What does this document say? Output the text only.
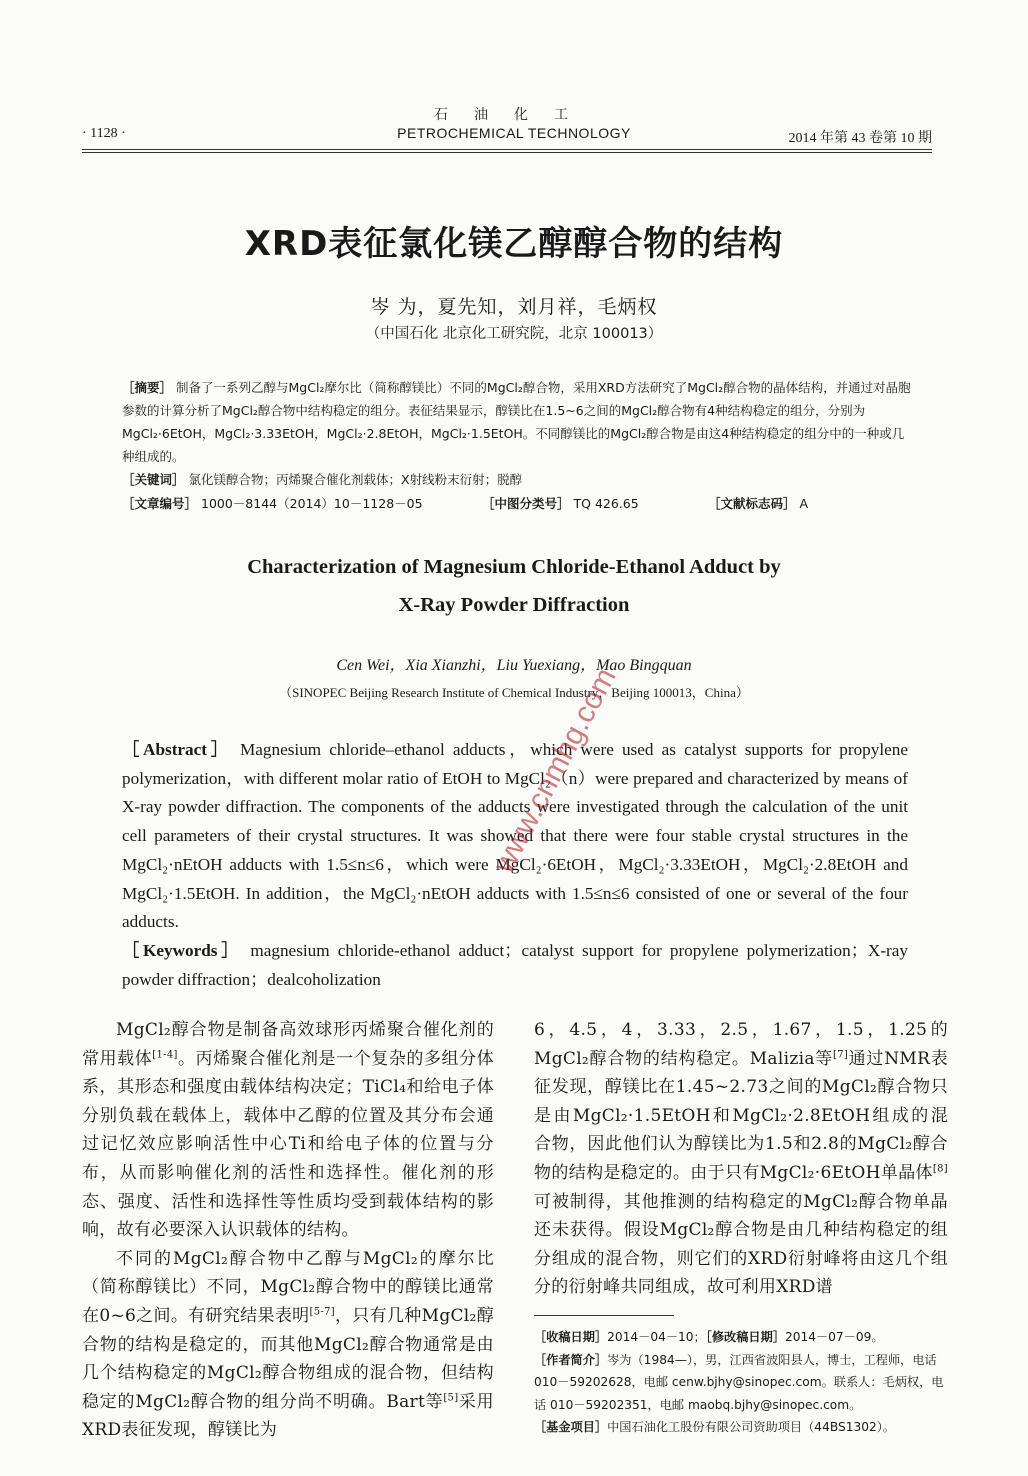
石油化工
· 1128 ·	PETROCHEMICAL TECHNOLOGY	2014 年第 43 卷第 10 期
XRD表征氯化镁乙醇醇合物的结构
岑 为，夏先知，刘月祥，毛炳权
（中国石化 北京化工研究院，北京 100013）
［摘要］ 制备了一系列乙醇与MgCl₂摩尔比（简称醇镁比）不同的MgCl₂醇合物，采用XRD方法研究了MgCl₂醇合物的晶体结构，并通过对晶胞参数的计算分析了MgCl₂醇合物中结构稳定的组分。表征结果显示，醇镁比在1.5~6之间的MgCl₂醇合物有4种结构稳定的组分，分别为MgCl₂·6EtOH，MgCl₂·3.33EtOH，MgCl₂·2.8EtOH，MgCl₂·1.5EtOH。不同醇镁比的MgCl₂醇合物是由这4种结构稳定的组分中的一种或几种组成的。
［关键词］ 氯化镁醇合物；丙烯聚合催化剂载体；X射线粉末衍射；脱醇
［文章编号］ 1000－8144（2014）10－1128－05	［中图分类号］ TQ 426.65	［文献标志码］ A
Characterization of Magnesium Chloride-Ethanol Adduct by
X-Ray Powder Diffraction
Cen Wei，Xia Xianzhi，Liu Yuexiang，Mao Bingquan
（SINOPEC Beijing Research Institute of Chemical Industry，Beijing 100013，China）
［Abstract］ Magnesium chloride–ethanol adducts，which were used as catalyst supports for propylene polymerization，with different molar ratio of EtOH to MgCl₂（n）were prepared and characterized by means of X-ray powder diffraction. The components of the adducts were investigated through the calculation of the unit cell parameters of their crystal structures. It was showed that there were four stable crystal structures in the MgCl₂·nEtOH adducts with 1.5≤n≤6，which were MgCl₂·6EtOH，MgCl₂·3.33EtOH，MgCl₂·2.8EtOH and MgCl₂·1.5EtOH. In addition，the MgCl₂·nEtOH adducts with 1.5≤n≤6 consisted of one or several of the four adducts.
［Keywords］ magnesium chloride-ethanol adduct；catalyst support for propylene polymerization；X-ray powder diffraction；dealcoholization
www.cnmhg.com

MgCl₂醇合物是制备高效球形丙烯聚合催化剂的常用载体[1-4]。丙烯聚合催化剂是一个复杂的多组分体系，其形态和强度由载体结构决定；TiCl₄和给电子体分别负载在载体上，载体中乙醇的位置及其分布会通过记忆效应影响活性中心Ti和给电子体的位置与分布，从而影响催化剂的活性和选择性。催化剂的形态、强度、活性和选择性等性质均受到载体结构的影响，故有必要深入认识载体的结构。

不同的MgCl₂醇合物中乙醇与MgCl₂的摩尔比（简称醇镁比）不同，MgCl₂醇合物中的醇镁比通常在0~6之间。有研究结果表明[5-7]，只有几种MgCl₂醇合物的结构是稳定的，而其他MgCl₂醇合物通常是由几个结构稳定的MgCl₂醇合物组成的混合物，但结构稳定的MgCl₂醇合物的组分尚不明确。Bart等[5]采用XRD表征发现，醇镁比为

6，4.5，4，3.33，2.5，1.67，1.5，1.25的MgCl₂醇合物的结构稳定。Malizia等[7]通过NMR表征发现，醇镁比在1.45~2.73之间的MgCl₂醇合物只是由MgCl₂·1.5EtOH和MgCl₂·2.8EtOH组成的混合物，因此他们认为醇镁比为1.5和2.8的MgCl₂醇合物的结构是稳定的。由于只有MgCl₂·6EtOH单晶体[8]可被制得，其他推测的结构稳定的MgCl₂醇合物单晶还未获得。假设MgCl₂醇合物是由几种结构稳定的组分组成的混合物，则它们的XRD衍射峰将由这几个组分的衍射峰共同组成，故可利用XRD谱

［收稿日期］2014－04－10；［修改稿日期］2014－07－09。

［作者简介］岑为（1984—），男，江西省波阳县人，博士，工程师，电话 010－59202628，电邮 cenw.bjhy@sinopec.com。联系人：毛炳权，电话 010－59202351，电邮 maobq.bjhy@sinopec.com。

［基金项目］中国石油化工股份有限公司资助项目（44BS1302）。
